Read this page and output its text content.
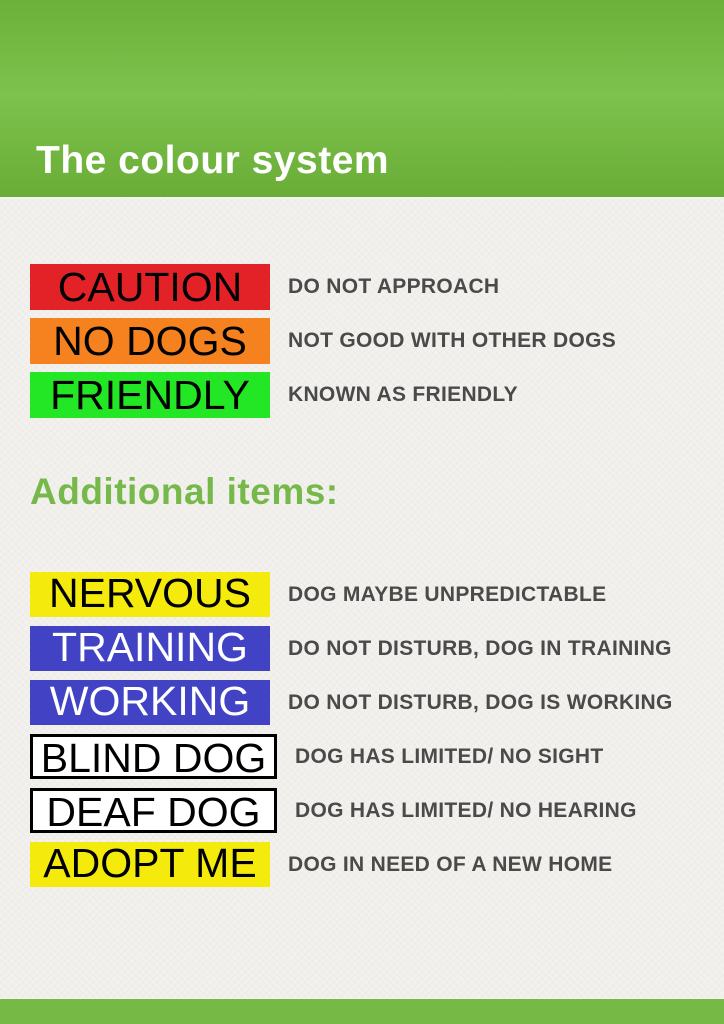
The colour system
CAUTION	DO NOT APPROACH
NO DOGS	NOT GOOD WITH OTHER DOGS
FRIENDLY	KNOWN AS FRIENDLY
Additional items:
NERVOUS	DOG MAYBE UNPREDICTABLE
TRAINING	DO NOT DISTURB, DOG IN TRAINING
WORKING	DO NOT DISTURB, DOG IS WORKING
BLIND DOG	DOG HAS LIMITED/ NO SIGHT
DEAF DOG	DOG HAS LIMITED/ NO HEARING
ADOPT ME	DOG IN NEED OF A NEW HOME
